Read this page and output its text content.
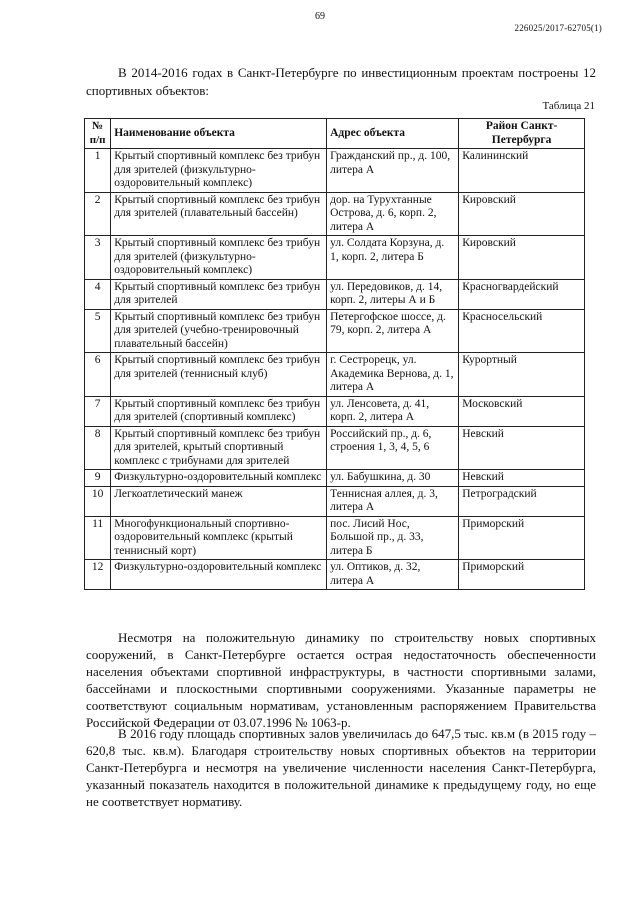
69
226025/2017-62705(1)

В 2014-2016 годах в Санкт-Петербурге по инвестиционным проектам построены 12 спортивных объектов:

Таблица 21
№ п/п	Наименование объекта	Адрес объекта	Район Санкт-Петербурга
1	Крытый спортивный комплекс без трибун для зрителей (физкультурно-оздоровительный комплекс)	Гражданский пр., д. 100, литера А	Калининский
2	Крытый спортивный комплекс без трибун для зрителей (плавательный бассейн)	дор. на Турухтанные Острова, д. 6, корп. 2, литера А	Кировский
3	Крытый спортивный комплекс без трибун для зрителей (физкультурно-оздоровительный комплекс)	ул. Солдата Корзуна, д. 1, корп. 2, литера Б	Кировский
4	Крытый спортивный комплекс без трибун для зрителей	ул. Передовиков, д. 14, корп. 2, литеры А и Б	Красногвардейский
5	Крытый спортивный комплекс без трибун для зрителей (учебно-тренировочный плавательный бассейн)	Петергофское шоссе, д. 79, корп. 2, литера А	Красносельский
6	Крытый спортивный комплекс без трибун для зрителей (теннисный клуб)	г. Сестрорецк, ул. Академика Вернова, д. 1, литера А	Курортный
7	Крытый спортивный комплекс без трибун для зрителей (спортивный комплекс)	ул. Ленсовета, д. 41, корп. 2, литера А	Московский
8	Крытый спортивный комплекс без трибун для зрителей, крытый спортивный комплекс с трибунами для зрителей	Российский пр., д. 6, строения 1, 3, 4, 5, 6	Невский
9	Физкультурно-оздоровительный комплекс	ул. Бабушкина, д. 30	Невский
10	Легкоатлетический манеж	Теннисная аллея, д. 3, литера А	Петроградский
11	Многофункциональный спортивно-оздоровительный комплекс (крытый теннисный корт)	пос. Лисий Нос, Большой пр., д. 33, литера Б	Приморский
12	Физкультурно-оздоровительный комплекс	ул. Оптиков, д. 32, литера А	Приморский

Несмотря на положительную динамику по строительству новых спортивных сооружений, в Санкт-Петербурге остается острая недостаточность обеспеченности населения объектами спортивной инфраструктуры, в частности спортивными залами, бассейнами и плоскостными спортивными сооружениями. Указанные параметры не соответствуют социальным нормативам, установленным распоряжением Правительства Российской Федерации от 03.07.1996 № 1063-р.

В 2016 году площадь спортивных залов увеличилась до 647,5 тыс. кв.м (в 2015 году – 620,8 тыс. кв.м). Благодаря строительству новых спортивных объектов на территории Санкт-Петербурга и несмотря на увеличение численности населения Санкт-Петербурга, указанный показатель находится в положительной динамике к предыдущему году, но еще не соответствует нормативу.
